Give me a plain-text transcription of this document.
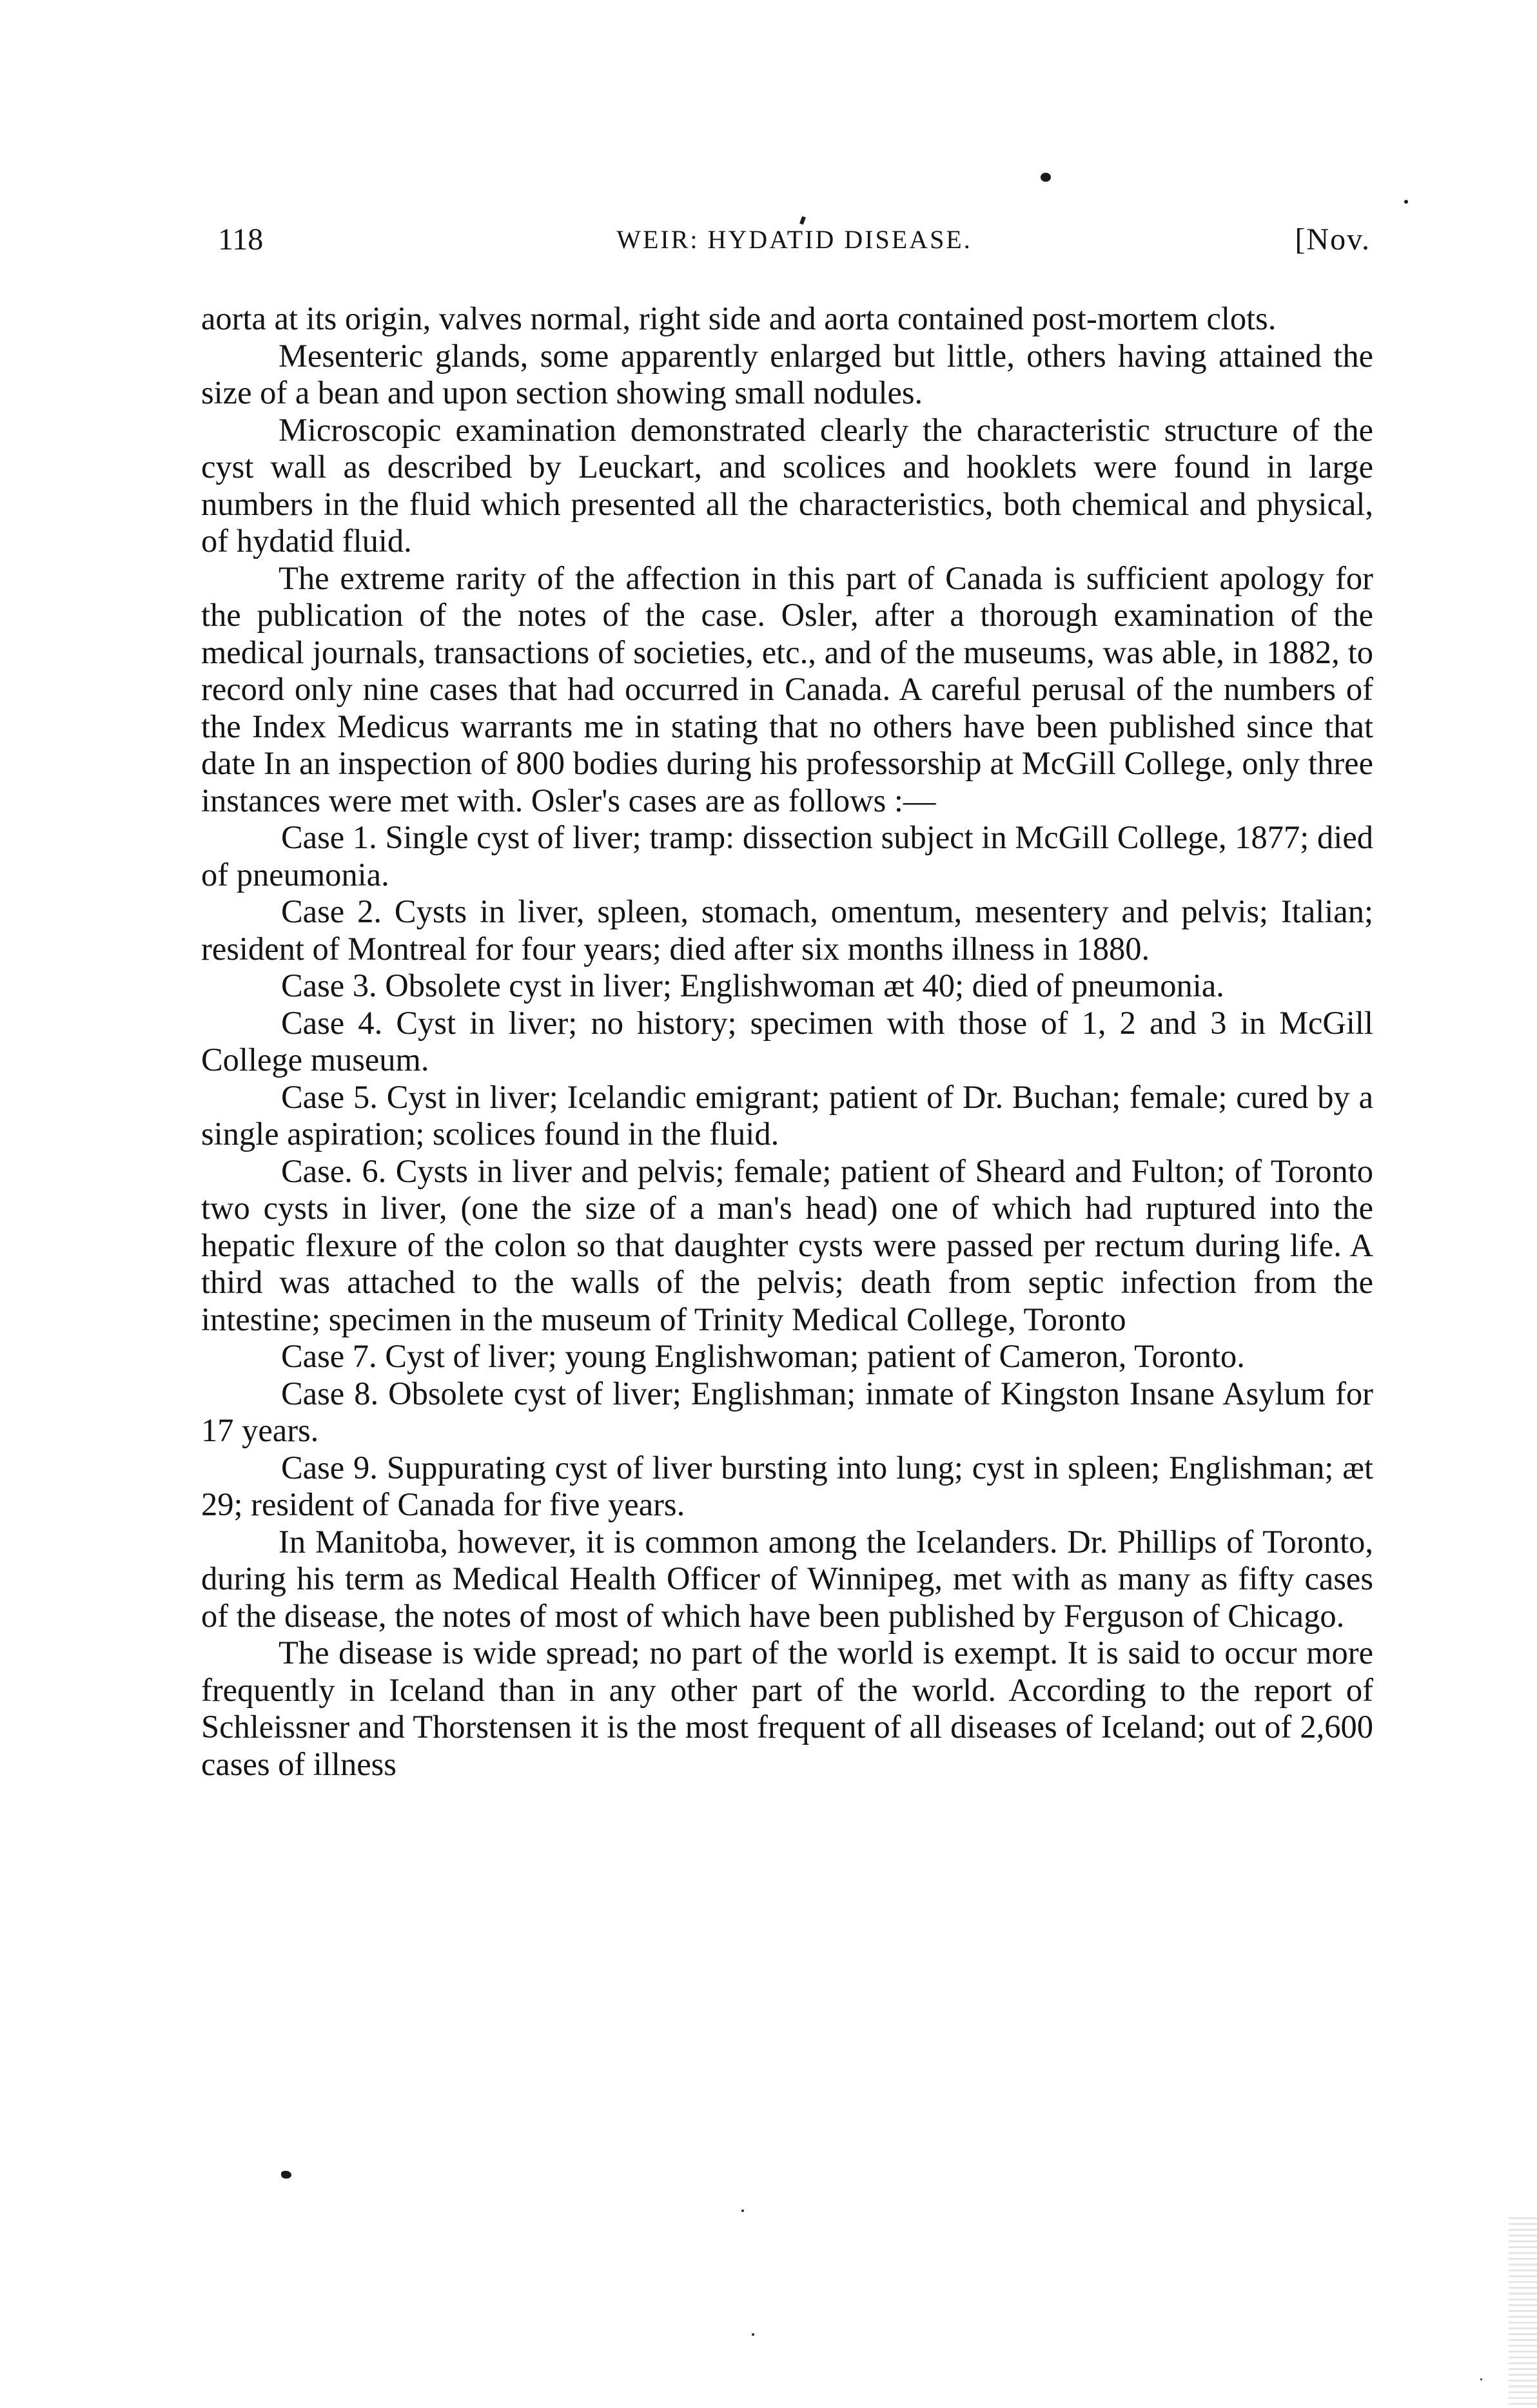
118	WEIR: HYDATID DISEASE.	[Nov.

aorta at its origin, valves normal, right side and aorta contained post-mortem clots.

Mesenteric glands, some apparently enlarged but little, others having attained the size of a bean and upon section showing small nodules.

Microscopic examination demonstrated clearly the characteristic structure of the cyst wall as described by Leuckart, and scolices and hooklets were found in large numbers in the fluid which presented all the characteristics, both chemical and physical, of hydatid fluid.

The extreme rarity of the affection in this part of Canada is sufficient apology for the publication of the notes of the case. Osler, after a thorough examination of the medical journals, transactions of societies, etc., and of the museums, was able, in 1882, to record only nine cases that had occurred in Canada. A careful perusal of the numbers of the Index Medicus warrants me in stating that no others have been published since that date In an inspection of 800 bodies during his professorship at McGill College, only three instances were met with. Osler's cases are as follows :—

Case 1. Single cyst of liver; tramp: dissection subject in McGill College, 1877; died of pneumonia.

Case 2. Cysts in liver, spleen, stomach, omentum, mesentery and pelvis; Italian; resident of Montreal for four years; died after six months illness in 1880.

Case 3. Obsolete cyst in liver; Englishwoman æt 40; died of pneumonia.

Case 4. Cyst in liver; no history; specimen with those of 1, 2 and 3 in McGill College museum.

Case 5. Cyst in liver; Icelandic emigrant; patient of Dr. Buchan; female; cured by a single aspiration; scolices found in the fluid.

Case. 6. Cysts in liver and pelvis; female; patient of Sheard and Fulton; of Toronto two cysts in liver, (one the size of a man's head) one of which had ruptured into the hepatic flexure of the colon so that daughter cysts were passed per rectum during life. A third was attached to the walls of the pelvis; death from septic infection from the intestine; specimen in the museum of Trinity Medical College, Toronto

Case 7. Cyst of liver; young Englishwoman; patient of Cameron, Toronto.

Case 8. Obsolete cyst of liver; Englishman; inmate of Kingston Insane Asylum for 17 years.

Case 9. Suppurating cyst of liver bursting into lung; cyst in spleen; Englishman; æt 29; resident of Canada for five years.

In Manitoba, however, it is common among the Icelanders. Dr. Phillips of Toronto, during his term as Medical Health Officer of Winnipeg, met with as many as fifty cases of the disease, the notes of most of which have been published by Ferguson of Chicago.

The disease is wide spread; no part of the world is exempt. It is said to occur more frequently in Iceland than in any other part of the world. According to the report of Schleissner and Thorstensen it is the most frequent of all diseases of Iceland; out of 2,600 cases of illness
